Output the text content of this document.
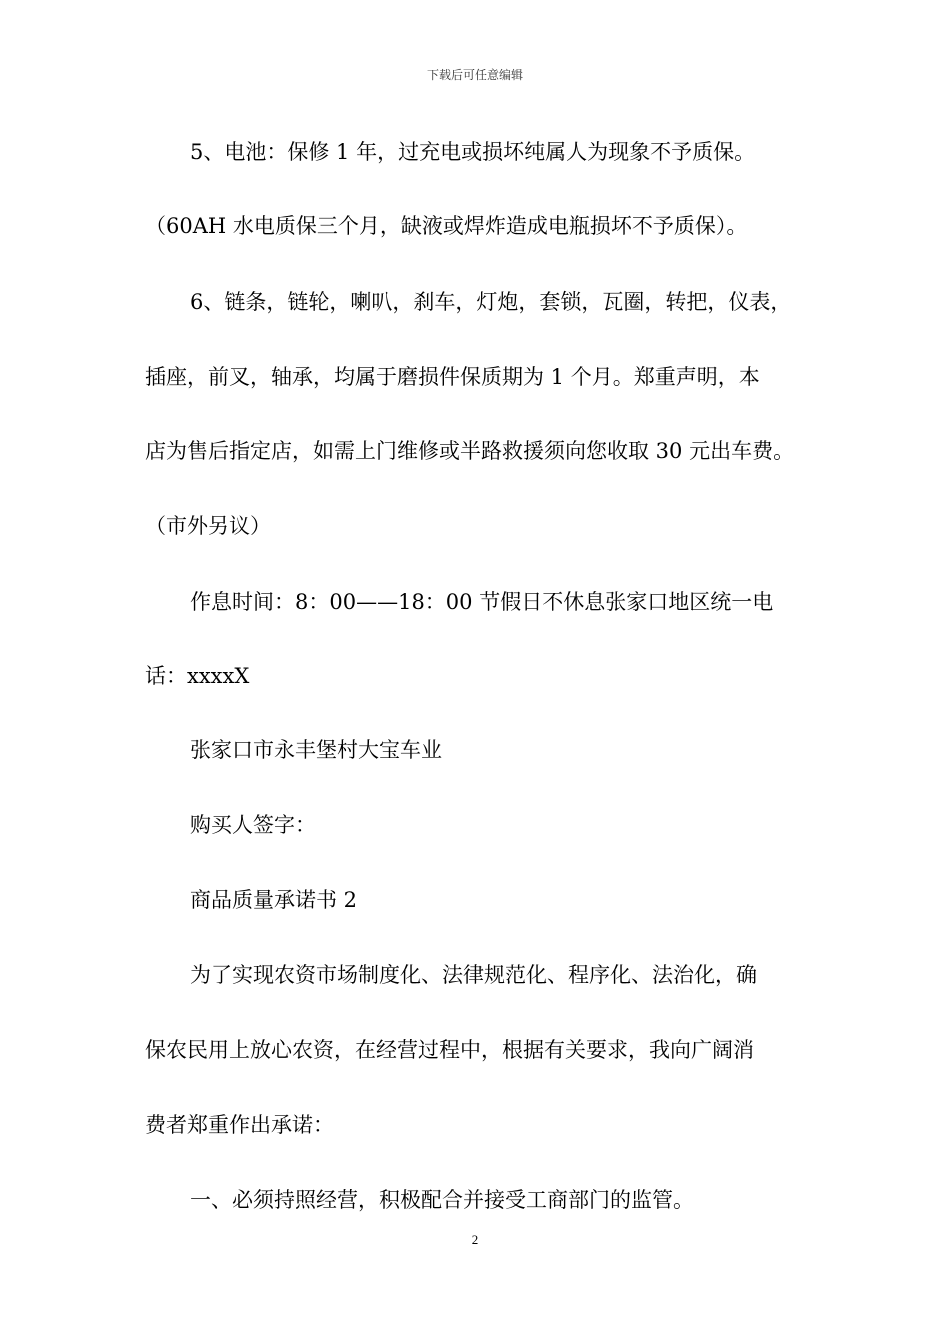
下载后可任意编辑
5、电池：保修 1 年，过充电或损坏纯属人为现象不予质保。
（60AH 水电质保三个月，缺液或焊炸造成电瓶损坏不予质保）。
6、链条，链轮，喇叭，刹车，灯炮，套锁，瓦圈，转把，仪表，
插座，前叉，轴承，均属于磨损件保质期为 1 个月。郑重声明，本
店为售后指定店，如需上门维修或半路救援须向您收取 30 元出车费。
（市外另议）
作息时间：8：00——18：00 节假日不休息张家口地区统一电
话：xxxxX
张家口市永丰堡村大宝车业
购买人签字：
商品质量承诺书 2
为了实现农资市场制度化、法律规范化、程序化、法治化，确
保农民用上放心农资，在经营过程中，根据有关要求，我向广阔消
费者郑重作出承诺：
一、必须持照经营，积极配合并接受工商部门的监管。
2
